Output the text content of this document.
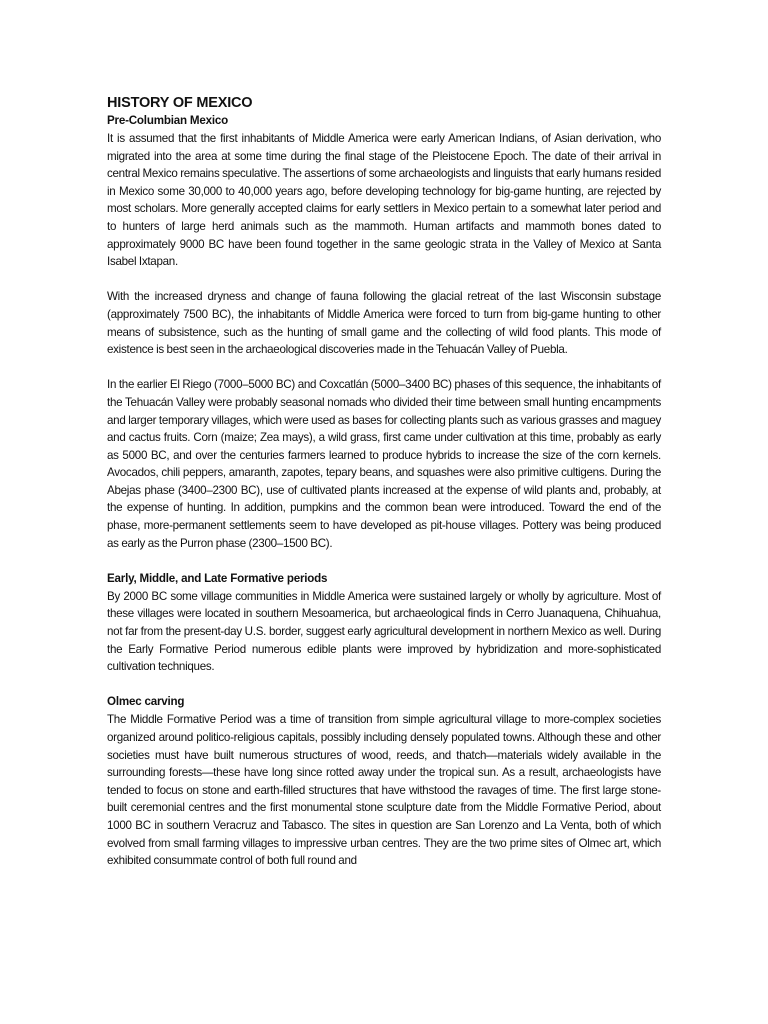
HISTORY OF MEXICO
Pre-Columbian Mexico

It is assumed that the first inhabitants of Middle America were early American Indians, of Asian derivation, who migrated into the area at some time during the final stage of the Pleistocene Epoch. The date of their arrival in central Mexico remains speculative. The assertions of some archaeologists and linguists that early humans resided in Mexico some 30,000 to 40,000 years ago, before developing technology for big-game hunting, are rejected by most scholars. More generally accepted claims for early settlers in Mexico pertain to a somewhat later period and to hunters of large herd animals such as the mammoth. Human artifacts and mammoth bones dated to approximately 9000 BC have been found together in the same geologic strata in the Valley of Mexico at Santa Isabel Ixtapan.

With the increased dryness and change of fauna following the glacial retreat of the last Wisconsin substage (approximately 7500 BC), the inhabitants of Middle America were forced to turn from big-game hunting to other means of subsistence, such as the hunting of small game and the collecting of wild food plants. This mode of existence is best seen in the archaeological discoveries made in the Tehuacán Valley of Puebla.

In the earlier El Riego (7000–5000 BC) and Coxcatlán (5000–3400 BC) phases of this sequence, the inhabitants of the Tehuacán Valley were probably seasonal nomads who divided their time between small hunting encampments and larger temporary villages, which were used as bases for collecting plants such as various grasses and maguey and cactus fruits. Corn (maize; Zea mays), a wild grass, first came under cultivation at this time, probably as early as 5000 BC, and over the centuries farmers learned to produce hybrids to increase the size of the corn kernels. Avocados, chili peppers, amaranth, zapotes, tepary beans, and squashes were also primitive cultigens. During the Abejas phase (3400–2300 BC), use of cultivated plants increased at the expense of wild plants and, probably, at the expense of hunting. In addition, pumpkins and the common bean were introduced. Toward the end of the phase, more-permanent settlements seem to have developed as pit-house villages. Pottery was being produced as early as the Purron phase (2300–1500 BC).

Early, Middle, and Late Formative periods

By 2000 BC some village communities in Middle America were sustained largely or wholly by agriculture. Most of these villages were located in southern Mesoamerica, but archaeological finds in Cerro Juanaquena, Chihuahua, not far from the present-day U.S. border, suggest early agricultural development in northern Mexico as well. During the Early Formative Period numerous edible plants were improved by hybridization and more-sophisticated cultivation techniques.

Olmec carving

The Middle Formative Period was a time of transition from simple agricultural village to more-complex societies organized around politico-religious capitals, possibly including densely populated towns. Although these and other societies must have built numerous structures of wood, reeds, and thatch—materials widely available in the surrounding forests—these have long since rotted away under the tropical sun. As a result, archaeologists have tended to focus on stone and earth-filled structures that have withstood the ravages of time. The first large stone-built ceremonial centres and the first monumental stone sculpture date from the Middle Formative Period, about 1000 BC in southern Veracruz and Tabasco. The sites in question are San Lorenzo and La Venta, both of which evolved from small farming villages to impressive urban centres. They are the two prime sites of Olmec art, which exhibited consummate control of both full round and
